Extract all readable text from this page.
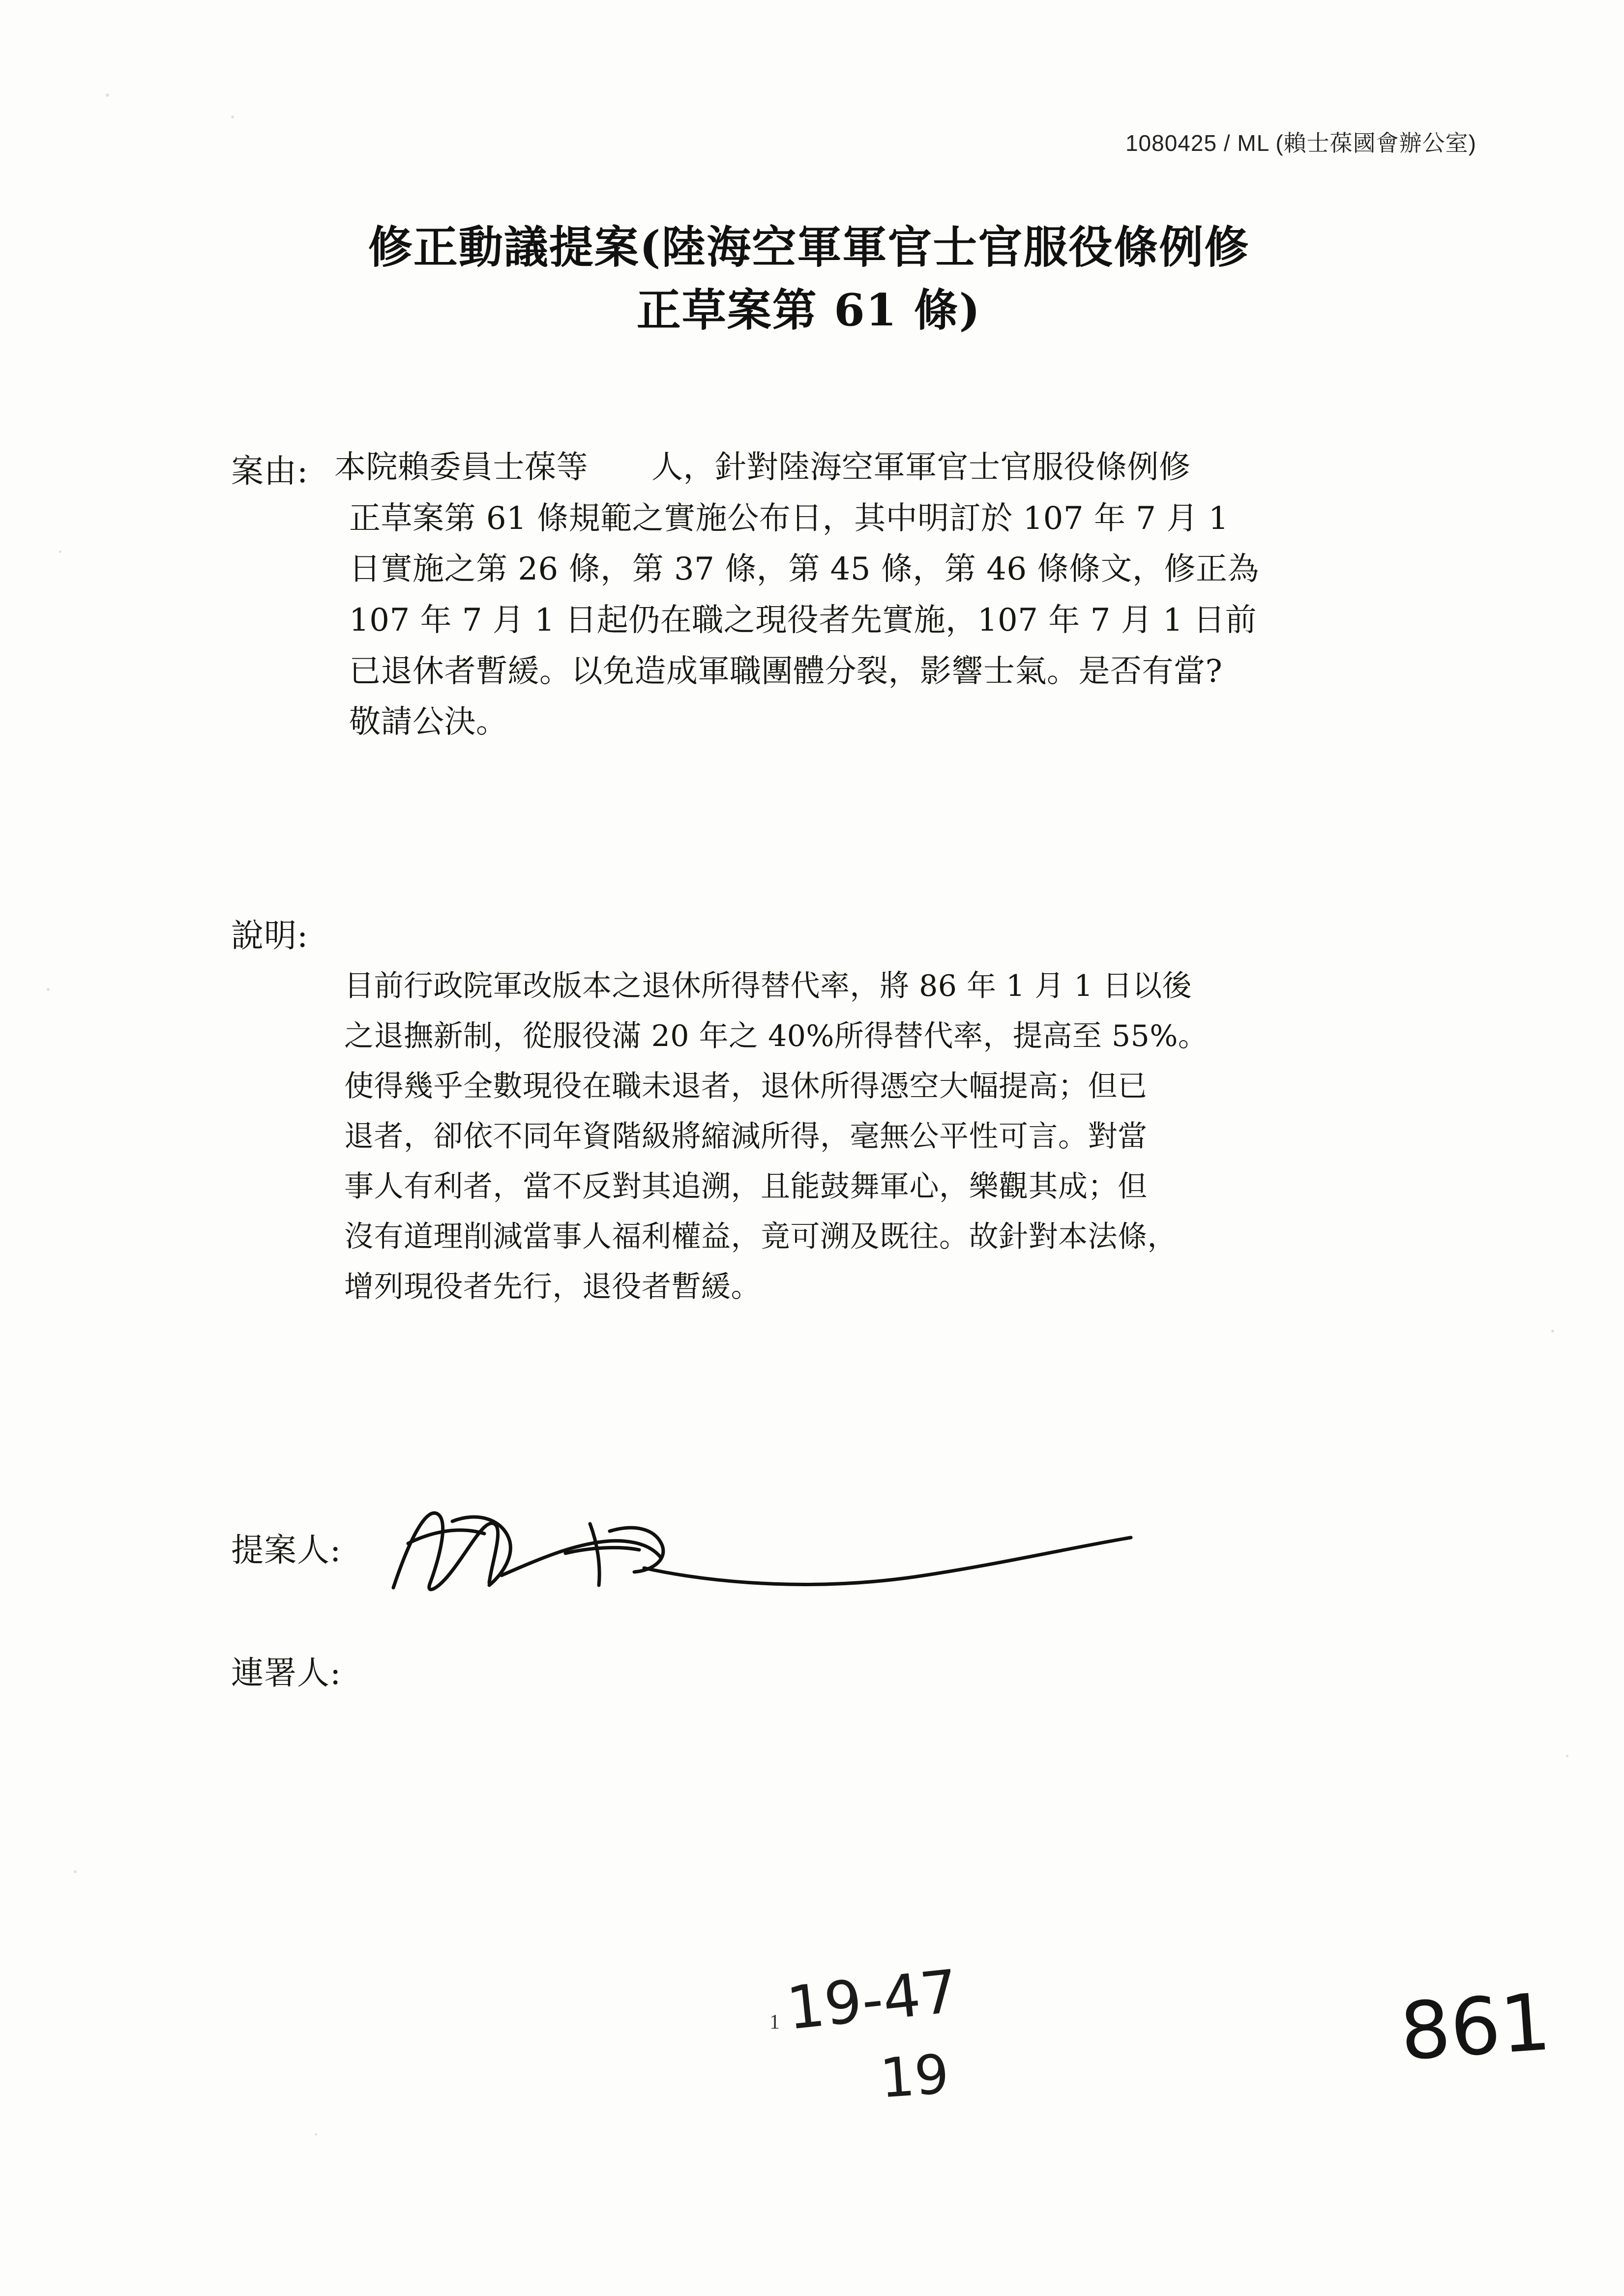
1080425 / ML (賴士葆國會辦公室)
修正動議提案(陸海空軍軍官士官服役條例修
正草案第 61 條)
案由: 本院賴委員士葆等　　人，針對陸海空軍軍官士官服役條例修
正草案第 61 條規範之實施公布日，其中明訂於 107 年 7 月 1
日實施之第 26 條，第 37 條，第 45 條，第 46 條條文，修正為
107 年 7 月 1 日起仍在職之現役者先實施，107 年 7 月 1 日前
已退休者暫緩。以免造成軍職團體分裂，影響士氣。是否有當?
敬請公決。
說明:
目前行政院軍改版本之退休所得替代率，將 86 年 1 月 1 日以後
之退撫新制，從服役滿 20 年之 40%所得替代率，提高至 55%。
使得幾乎全數現役在職未退者，退休所得憑空大幅提高；但已
退者，卻依不同年資階級將縮減所得，毫無公平性可言。對當
事人有利者，當不反對其追溯，且能鼓舞軍心，樂觀其成；但
沒有道理削減當事人福利權益，竟可溯及既往。故針對本法條，
增列現役者先行，退役者暫緩。
提案人:
連署人:
1 19-47
19	861
